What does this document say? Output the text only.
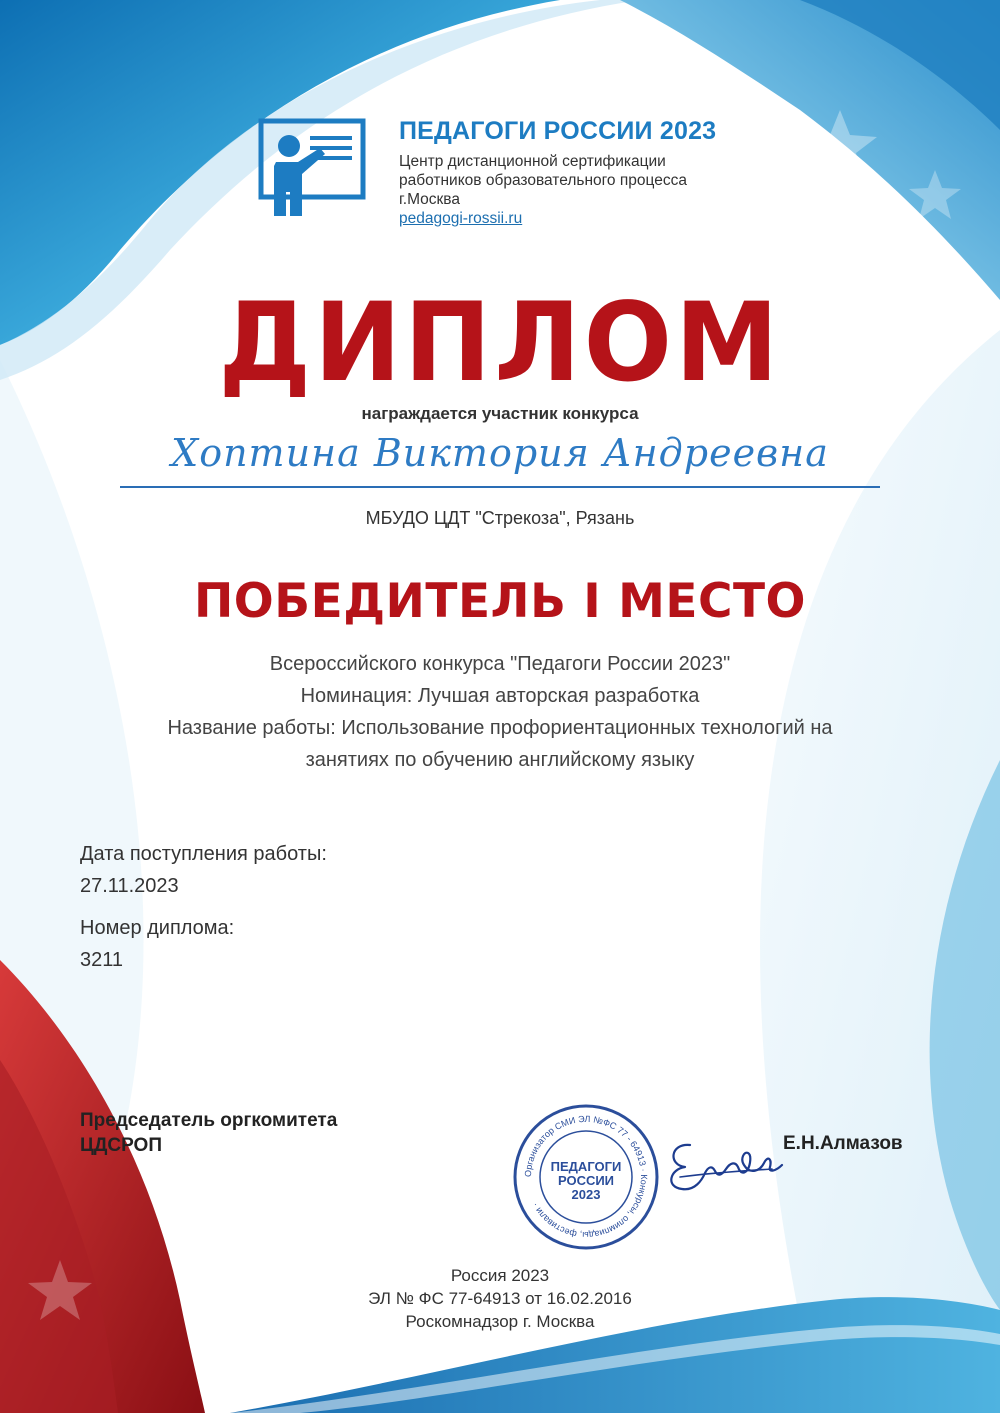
ПЕДАГОГИ РОССИИ 2023
Центр дистанционной сертификации
работников образовательного процесса
г.Москва
pedagogi-rossii.ru
ДИПЛОМ
награждается участник конкурса
Хоптина Виктория Андреевна
МБУДО ЦДТ "Стрекоза", Рязань
ПОБЕДИТЕЛЬ I МЕСТО
Всероссийского конкурса "Педагоги России 2023"
Номинация: Лучшая авторская разработка
Название работы: Использование профориентационных технологий на
занятиях по обучению английскому языку
Дата поступления работы:
27.11.2023
Номер диплома:
3211
Председатель оргкомитета
ЦДСРОП
Организатор СМИ ЭЛ №ФС 77 - 64913 · Конкурсы, олимпиады, фестивали ·
ПЕДАГОГИ
РОССИИ
2023
Е.Н.Алмазов
Россия 2023
ЭЛ № ФС 77-64913 от 16.02.2016
Роскомнадзор г. Москва
